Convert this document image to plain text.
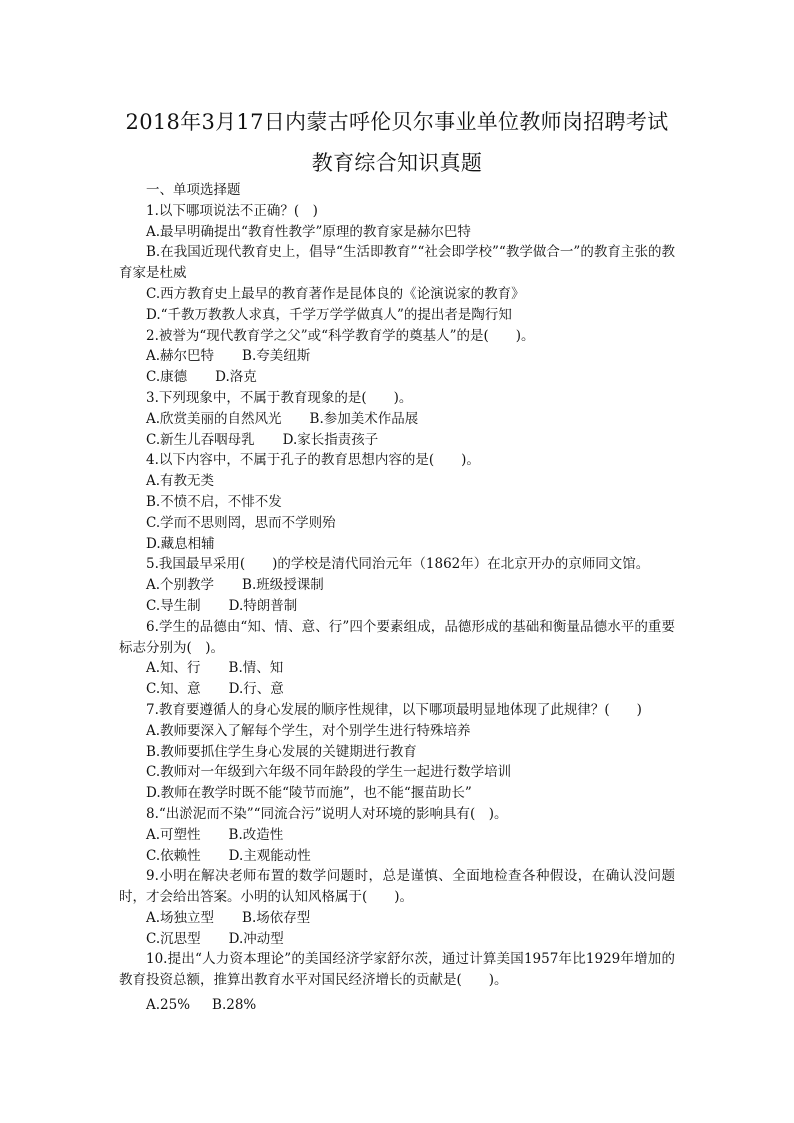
2018年3月17日内蒙古呼伦贝尔事业单位教师岗招聘考试
教育综合知识真题
一、单项选择题
1.以下哪项说法不正确？(　)
A.最早明确提出“教育性教学”原理的教育家是赫尔巴特
B.在我国近现代教育史上，倡导“生活即教育”“社会即学校”“教学做合一”的教育主张的教育家是杜威
C.西方教育史上最早的教育著作是昆体良的《论演说家的教育》
D.“千教万教教人求真，千学万学学做真人”的提出者是陶行知
2.被誉为“现代教育学之父”或“科学教育学的奠基人”的是(　　)。
A.赫尔巴特 B.夸美纽斯
C.康德 D.洛克
3.下列现象中，不属于教育现象的是(　　)。
A.欣赏美丽的自然风光 B.参加美术作品展
C.新生儿吞咽母乳 D.家长指责孩子
4.以下内容中，不属于孔子的教育思想内容的是(　　)。
A.有教无类
B.不愤不启，不悱不发
C.学而不思则罔，思而不学则殆
D.藏息相辅
5.我国最早采用(　　)的学校是清代同治元年（1862年）在北京开办的京师同文馆。
A.个别教学 B.班级授课制
C.导生制 D.特朗普制
6.学生的品德由“知、情、意、行”四个要素组成，品德形成的基础和衡量品德水平的重要标志分别为(　)。
A.知、行 B.情、知
C.知、意 D.行、意
7.教育要遵循人的身心发展的顺序性规律，以下哪项最明显地体现了此规律？(　　)
A.教师要深入了解每个学生，对个别学生进行特殊培养
B.教师要抓住学生身心发展的关键期进行教育
C.教师对一年级到六年级不同年龄段的学生一起进行数学培训
D.教师在教学时既不能“陵节而施”，也不能“揠苗助长”
8.“出淤泥而不染”“同流合污”说明人对环境的影响具有(　)。
A.可塑性 B.改造性
C.依赖性 D.主观能动性
9.小明在解决老师布置的数学问题时，总是谨慎、全面地检查各种假设，在确认没问题时，才会给出答案。小明的认知风格属于(　　)。
A.场独立型 B.场依存型
C.沉思型 D.冲动型
10.提出“人力资本理论”的美国经济学家舒尔茨，通过计算美国1957年比1929年增加的教育投资总额，推算出教育水平对国民经济增长的贡献是(　　)。
A.25% B.28%
